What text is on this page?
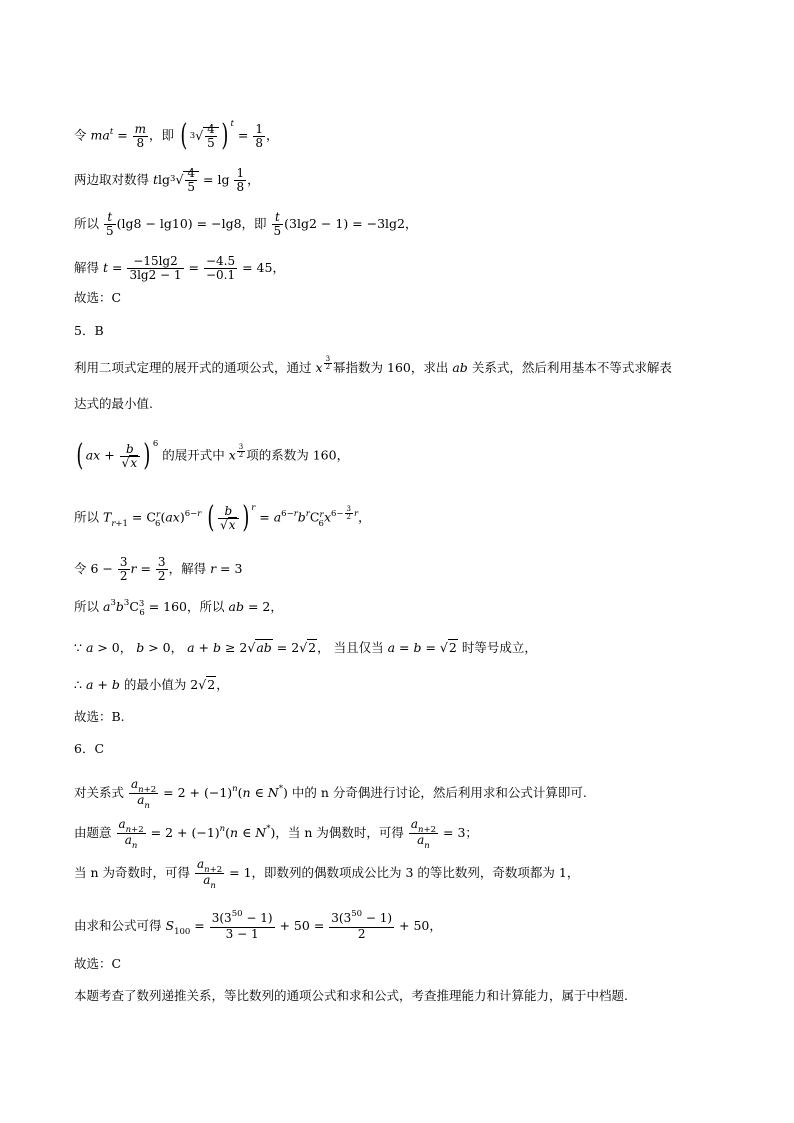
令 $ma^t = \frac{m}{8}$ ，即 ( $3√ \frac{4}{5}$ ) $^t = \frac{1}{8}$ ，
两边取对数得 $tlg^3√ \frac{4}{5} = \lg \frac{1}{8}$ ，
所以 $\frac{t}{5} (\lg 8 - \lg 10) = -\lg 8$，即 $\frac{t}{5} (3\lg 2 - 1) = -3\lg 2$，
解得 $t = \frac{-15\lg 2}{3\lg 2 - 1} = \frac{-4.5}{-0.1} = 45$，
故选：C
5．B
利用二项式定理的展开式的通项公式，通过 x $^{\frac{3}{2}}$ 幂指数为 160，求出 ab 关系式，然后利用基本不等式求解表
达式的最小值.
( ax + $\frac{b}{√x}$ ) $^6$ 的展开式中 x $^{\frac{3}{2}}$ 项的系数为 160，
所以 $T_{r+1} = C^r_6(ax)^{6-r}$ ( $\frac{b}{√x}$ ) $^r = a^{6-r}b^rC^r_6x^{6- \frac{3}{2} r}$，
令 $6 - \frac{3}{2}$ $r = \frac{3}{2}$ ，解得 r = 3
所以 $a^3b^3C^3_6 = 160$，所以 ab = 2，
∵ a > 0， b > 0， a + b ≥ 2√ab = 2√2， 当且仅当 a = b = √2 时等号成立，
∴ a + b 的最小值为 2√2，
故选：B.
6．C
对关系式 $\frac{a_{n+2}}{a_n} = 2 + (-1)^n(n$ ∈ N*) 中的 n 分奇偶进行讨论，然后利用求和公式计算即可.
由题意 $\frac{a_{n+2}}{a_n} = 2 + (-1)^n(n$ ∈ N*)，当 n 为偶数时，可得 $\frac{a_{n+2}}{a_n} = 3$；
当 n 为奇数时，可得 $\frac{a_{n+2}}{a_n} = 1$，即数列的偶数项成公比为 3 的等比数列，奇数项都为 1，
由求和公式可得 $S_{100} = \frac{3(3^{50} - 1)}{3 - 1} + 50 = \frac{3(3^{50} - 1)}{2} + 50$，
故选：C
本题考查了数列递推关系，等比数列的通项公式和求和公式，考查推理能力和计算能力，属于中档题.
